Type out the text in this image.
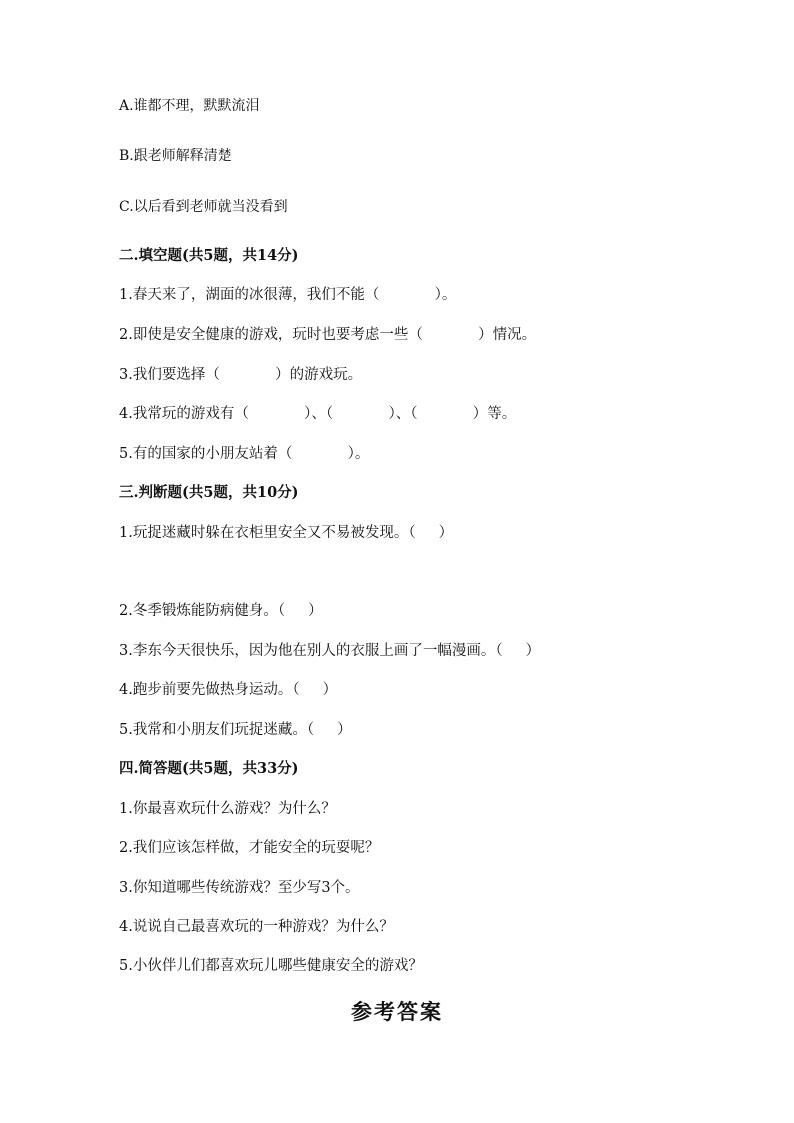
A.谁都不理，默默流泪
B.跟老师解释清楚
C.以后看到老师就当没看到
二.填空题(共5题，共14分)
1.春天来了，湖面的冰很薄，我们不能（            ）。
2.即使是安全健康的游戏，玩时也要考虑一些（            ）情况。
3.我们要选择（            ）的游戏玩。
4.我常玩的游戏有（            ）、（            ）、（            ）等。
5.有的国家的小朋友站着（            ）。
三.判断题(共5题，共10分)
1.玩捉迷藏时躲在衣柜里安全又不易被发现。（     ）
2.冬季锻炼能防病健身。（     ）
3.李东今天很快乐，因为他在别人的衣服上画了一幅漫画。（     ）
4.跑步前要先做热身运动。（     ）
5.我常和小朋友们玩捉迷藏。（     ）
四.简答题(共5题，共33分)
1.你最喜欢玩什么游戏？为什么？
2.我们应该怎样做，才能安全的玩耍呢？
3.你知道哪些传统游戏？至少写3个。
4.说说自己最喜欢玩的一种游戏？为什么？
5.小伙伴儿们都喜欢玩儿哪些健康安全的游戏？
参考答案
